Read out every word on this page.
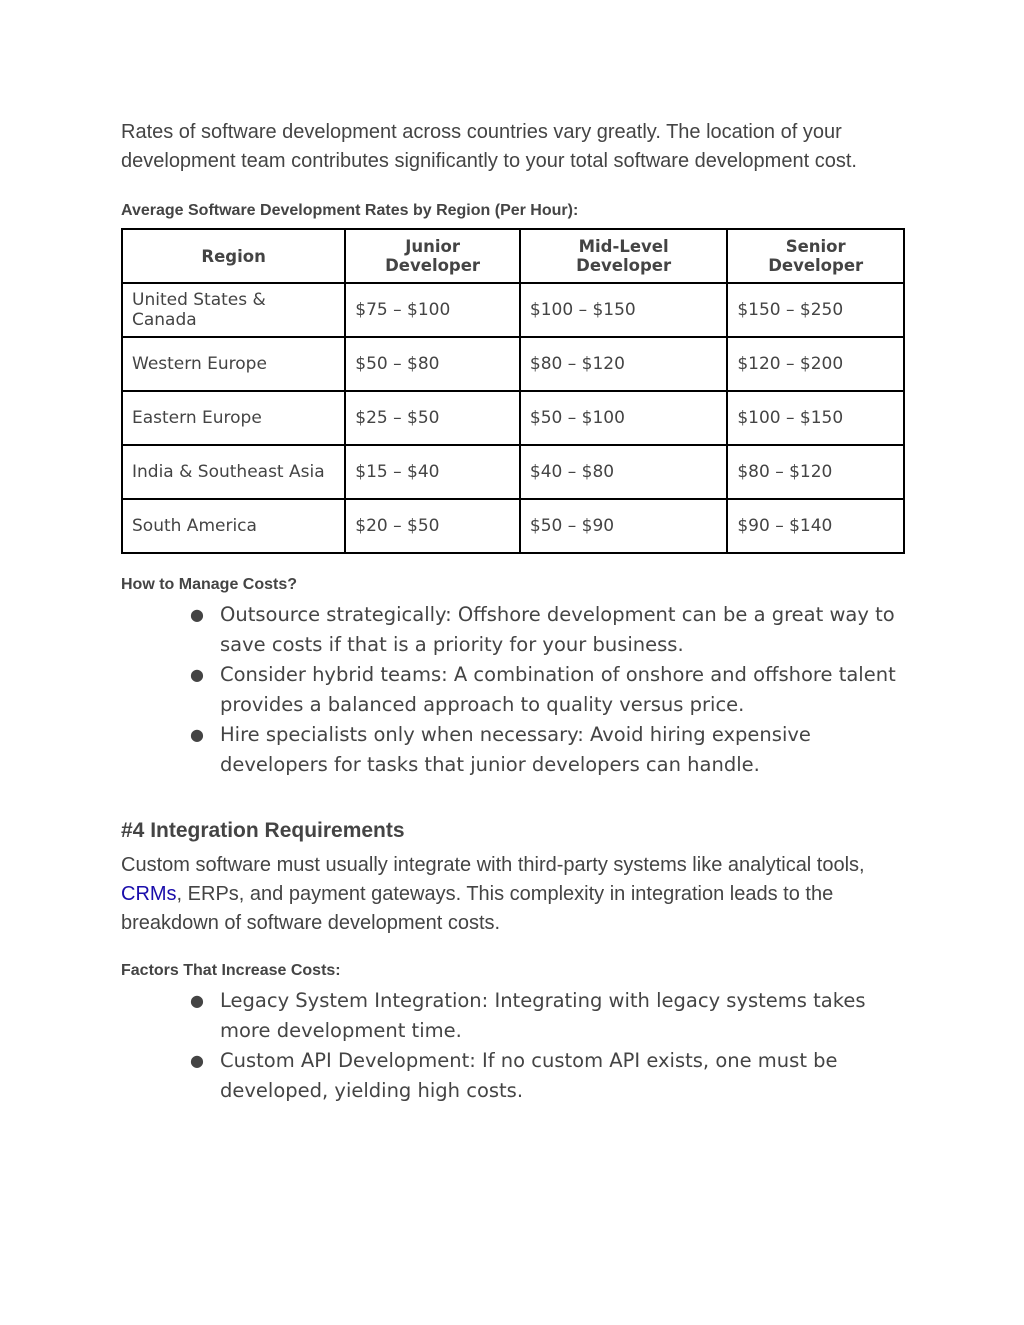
Rates of software development across countries vary greatly. The location of your development team contributes significantly to your total software development cost.

Average Software Development Rates by Region (Per Hour):

Region	Junior Developer	Mid-Level Developer	Senior Developer
United States & Canada	$75 – $100	$100 – $150	$150 – $250
Western Europe	$50 – $80	$80 – $120	$120 – $200
Eastern Europe	$25 – $50	$50 – $100	$100 – $150
India & Southeast Asia	$15 – $40	$40 – $80	$80 – $120
South America	$20 – $50	$50 – $90	$90 – $140

How to Manage Costs?

● Outsource strategically: Offshore development can be a great way to save costs if that is a priority for your business.
● Consider hybrid teams: A combination of onshore and offshore talent provides a balanced approach to quality versus price.
● Hire specialists only when necessary: Avoid hiring expensive developers for tasks that junior developers can handle.
#4 Integration Requirements

Custom software must usually integrate with third-party systems like analytical tools, CRMs, ERPs, and payment gateways. This complexity in integration leads to the breakdown of software development costs.

Factors That Increase Costs:

● Legacy System Integration: Integrating with legacy systems takes more development time.
● Custom API Development: If no custom API exists, one must be developed, yielding high costs.
